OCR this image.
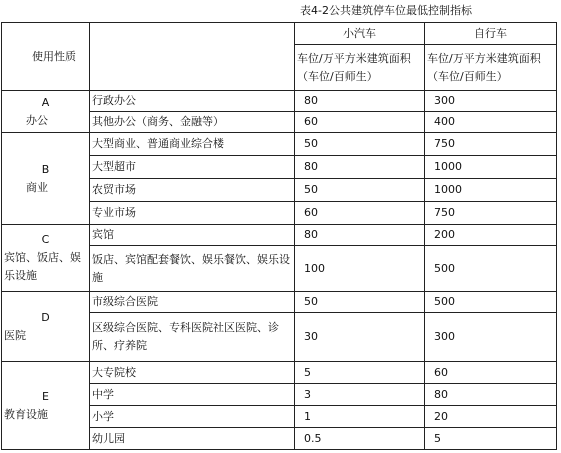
表4-2公共建筑停车位最低控制指标
使用性质		小汽车	自行车
		车位/万平方米建筑面积（车位/百师生）	车位/万平方米建筑面积（车位/百师生）

A
办公	行政办公	80	300
	其他办公（商务、金融等）	60	400

B
商业	大型商业、普通商业综合楼	50	750
	大型超市	80	1000
	农贸市场	50	1000
	专业市场	60	750

C
宾馆、饭店、娱乐设施	宾馆	80	200
	饭店、宾馆配套餐饮、娱乐餐饮、娱乐设施	100	500

D
医院	市级综合医院	50	500
	区级综合医院、专科医院社区医院、诊所、疗养院	30	300

E
教育设施	大专院校	5	60
	中学	3	80
	小学	1	20
	幼儿园	0.5	5
